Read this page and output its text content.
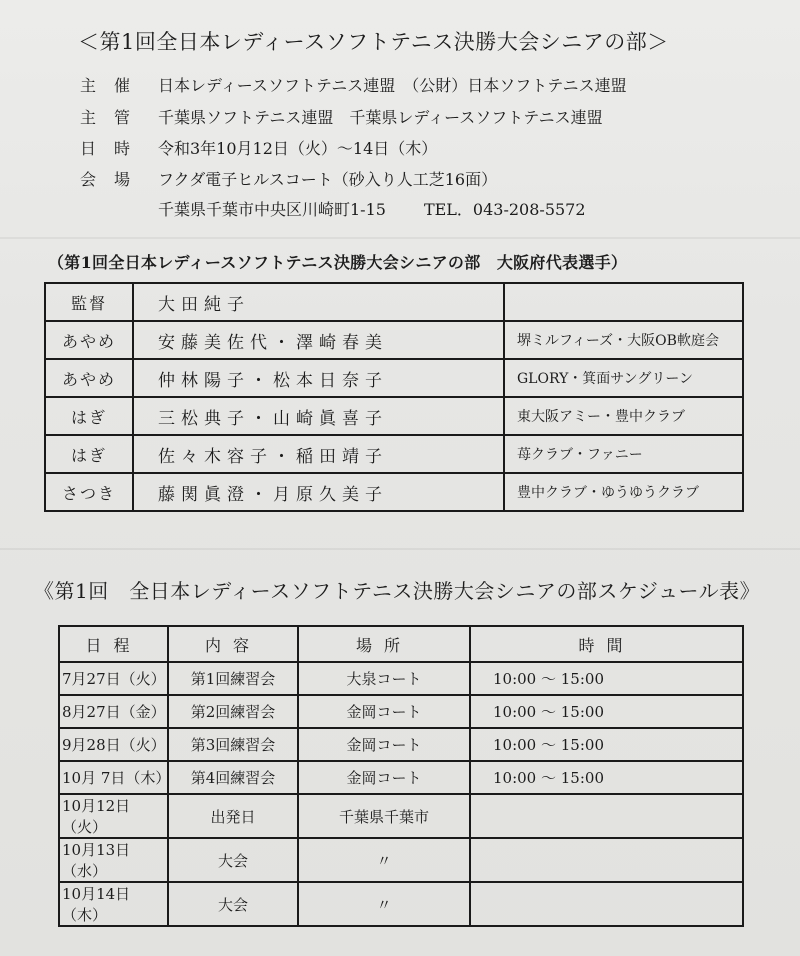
＜第1回全日本レディースソフトテニス決勝大会シニアの部＞
主催 日本レディースソフトテニス連盟　（公財）日本ソフトテニス連盟
主管 千葉県ソフトテニス連盟　千葉県レディースソフトテニス連盟
日時 令和3年10月12日（火）～14日（木）
会場 フクダ電子ヒルスコート（砂入り人工芝16面）
千葉県千葉市中央区川崎町1-15 TEL．043-208-5572
（第1回全日本レディースソフトテニス決勝大会シニアの部　大阪府代表選手）
監督	大田純子	
あやめ	安藤美佐代・澤崎春美	堺ミルフィーズ・大阪OB軟庭会
あやめ	仲林陽子・松本日奈子	GLORY・箕面サングリーン
はぎ	三松典子・山崎眞喜子	東大阪アミー・豊中クラブ
はぎ	佐々木容子・稲田靖子	苺クラブ・ファニー
さつき	藤関眞澄・月原久美子	豊中クラブ・ゆうゆうクラブ
《第1回　全日本レディースソフトテニス決勝大会シニアの部スケジュール表》
日程	内容	場所	時間
7月27日（火）	第1回練習会	大泉コート	10:00 ～ 15:00
8月27日（金）	第2回練習会	金岡コート	10:00 ～ 15:00
9月28日（火）	第3回練習会	金岡コート	10:00 ～ 15:00
10月 7日（木）	第4回練習会	金岡コート	10:00 ～ 15:00
10月12日（火）	出発日	千葉県千葉市	
10月13日（水）	大会	〃	
10月14日（木）	大会	〃	
